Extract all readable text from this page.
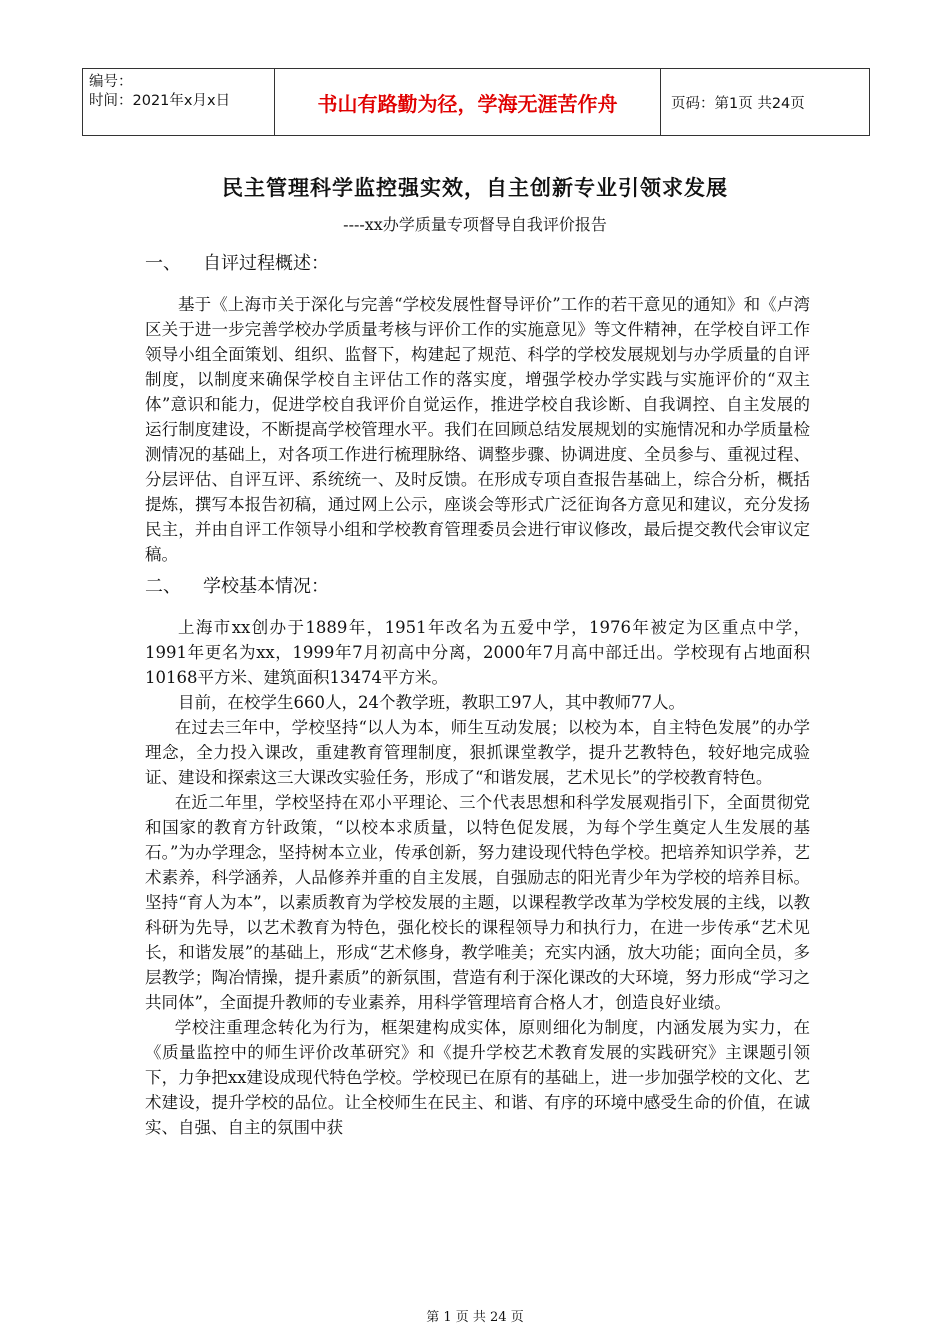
编号：
时间：2021年x月x日	书山有路勤为径，学海无涯苦作舟	页码：第1页 共24页
民主管理科学监控强实效，自主创新专业引领求发展
----xx办学质量专项督导自我评价报告
一、 自评过程概述：

基于《上海市关于深化与完善“学校发展性督导评价”工作的若干意见的通知》和《卢湾区关于进一步完善学校办学质量考核与评价工作的实施意见》等文件精神，在学校自评工作领导小组全面策划、组织、监督下，构建起了规范、科学的学校发展规划与办学质量的自评制度，以制度来确保学校自主评估工作的落实度，增强学校办学实践与实施评价的“双主体”意识和能力，促进学校自我评价自觉运作，推进学校自我诊断、自我调控、自主发展的运行制度建设，不断提高学校管理水平。我们在回顾总结发展规划的实施情况和办学质量检测情况的基础上，对各项工作进行梳理脉络、调整步骤、协调进度、全员参与、重视过程、分层评估、自评互评、系统统一、及时反馈。在形成专项自查报告基础上，综合分析，概括提炼，撰写本报告初稿，通过网上公示，座谈会等形式广泛征询各方意见和建议，充分发扬民主，并由自评工作领导小组和学校教育管理委员会进行审议修改，最后提交教代会审议定稿。

二、 学校基本情况：

上海市xx创办于1889年，1951年改名为五爱中学，1976年被定为区重点中学，1991年更名为xx，1999年7月初高中分离，2000年7月高中部迁出。学校现有占地面积10168平方米、建筑面积13474平方米。

目前，在校学生660人，24个教学班，教职工97人，其中教师77人。

在过去三年中，学校坚持“以人为本，师生互动发展；以校为本，自主特色发展”的办学理念，全力投入课改，重建教育管理制度，狠抓课堂教学，提升艺教特色，较好地完成验证、建设和探索这三大课改实验任务，形成了“和谐发展，艺术见长”的学校教育特色。

在近二年里，学校坚持在邓小平理论、三个代表思想和科学发展观指引下，全面贯彻党和国家的教育方针政策，“以校本求质量，以特色促发展，为每个学生奠定人生发展的基石。”为办学理念，坚持树本立业，传承创新，努力建设现代特色学校。把培养知识学养，艺术素养，科学涵养，人品修养并重的自主发展，自强励志的阳光青少年为学校的培养目标。坚持“育人为本”，以素质教育为学校发展的主题，以课程教学改革为学校发展的主线，以教科研为先导，以艺术教育为特色，强化校长的课程领导力和执行力，在进一步传承“艺术见长，和谐发展”的基础上，形成“艺术修身，教学唯美；充实内涵，放大功能；面向全员，多层教学；陶冶情操，提升素质”的新氛围，营造有利于深化课改的大环境，努力形成“学习之共同体”，全面提升教师的专业素养，用科学管理培育合格人才，创造良好业绩。

学校注重理念转化为行为，框架建构成实体，原则细化为制度，内涵发展为实力，在《质量监控中的师生评价改革研究》和《提升学校艺术教育发展的实践研究》主课题引领下，力争把xx建设成现代特色学校。学校现已在原有的基础上，进一步加强学校的文化、艺术建设，提升学校的品位。让全校师生在民主、和谐、有序的环境中感受生命的价值，在诚实、自强、自主的氛围中获

第 1 页 共 24 页
